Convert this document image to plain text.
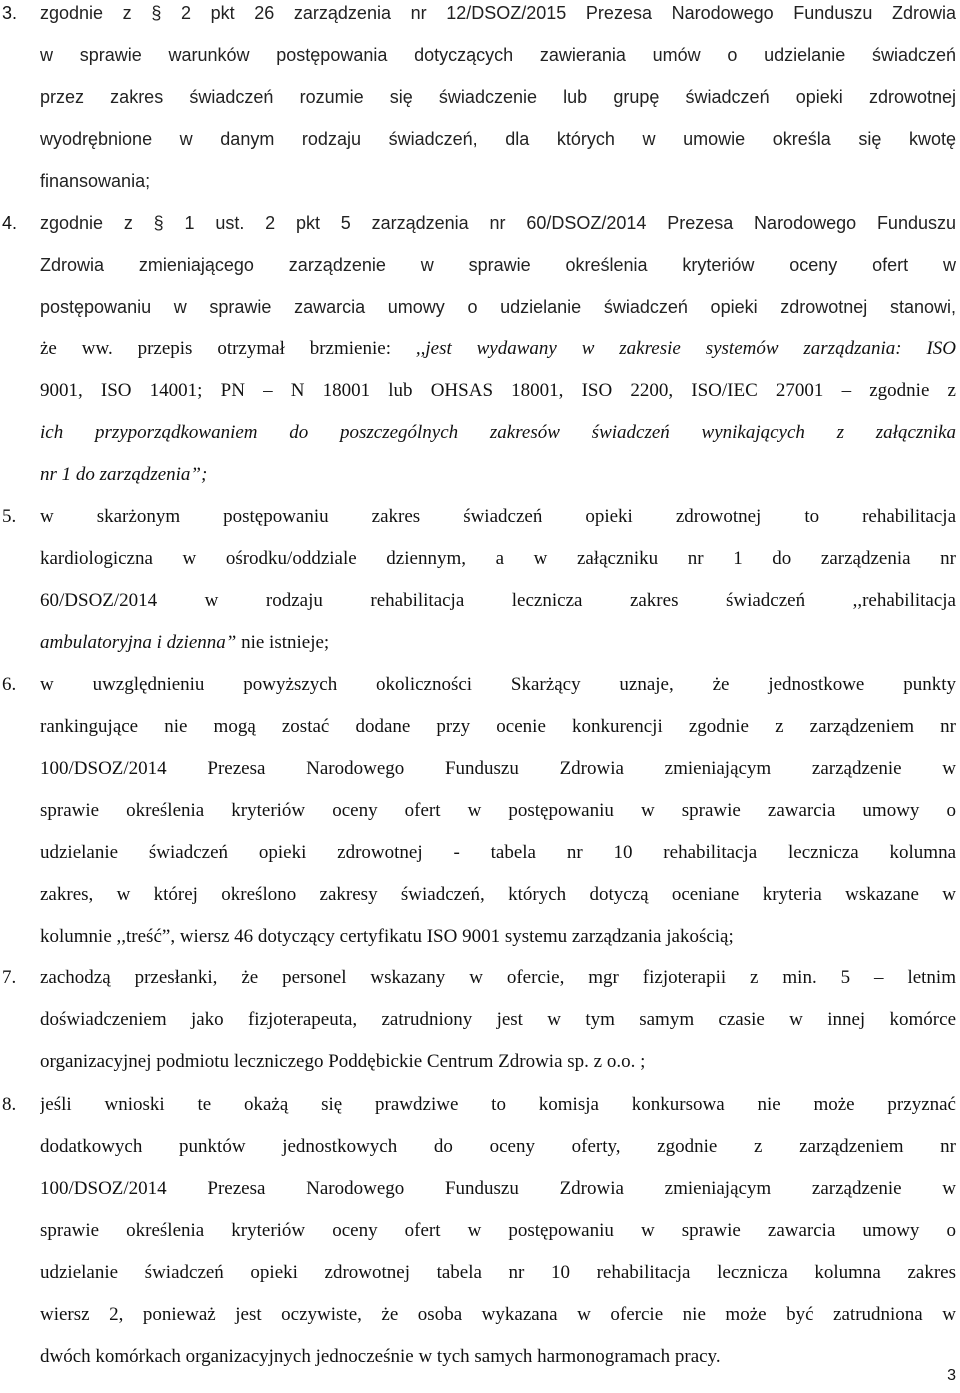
3. zgodnie z § 2 pkt 26 zarządzenia nr 12/DSOZ/2015 Prezesa Narodowego Funduszu Zdrowia
w sprawie warunków postępowania dotyczących zawierania umów o udzielanie świadczeń
przez zakres świadczeń rozumie się świadczenie lub grupę świadczeń opieki zdrowotnej
wyodrębnione w danym rodzaju świadczeń, dla których w umowie określa się kwotę
finansowania;
4. zgodnie z § 1 ust. 2 pkt 5 zarządzenia nr 60/DSOZ/2014 Prezesa Narodowego Funduszu
Zdrowia zmieniającego zarządzenie w sprawie określenia kryteriów oceny ofert w
postępowaniu w sprawie zawarcia umowy o udzielanie świadczeń opieki zdrowotnej stanowi,
że ww. przepis otrzymał brzmienie: ,,jest wydawany w zakresie systemów zarządzania: ISO
9001, ISO 14001; PN – N 18001 lub OHSAS 18001, ISO 2200, ISO/IEC 27001 – zgodnie z
ich przyporządkowaniem do poszczególnych zakresów świadczeń wynikających z załącznika
nr 1 do zarządzenia”;
5. w skarżonym postępowaniu zakres świadczeń opieki zdrowotnej to rehabilitacja
kardiologiczna w ośrodku/oddziale dziennym, a w załączniku nr 1 do zarządzenia nr
60/DSOZ/2014 w rodzaju rehabilitacja lecznicza zakres świadczeń ,,rehabilitacja
ambulatoryjna i dzienna” nie istnieje;
6. w uwzględnieniu powyższych okoliczności Skarżący uznaje, że jednostkowe punkty
rankingujące nie mogą zostać dodane przy ocenie konkurencji zgodnie z zarządzeniem nr
100/DSOZ/2014 Prezesa Narodowego Funduszu Zdrowia zmieniającym zarządzenie w
sprawie określenia kryteriów oceny ofert w postępowaniu w sprawie zawarcia umowy o
udzielanie świadczeń opieki zdrowotnej - tabela nr 10 rehabilitacja lecznicza kolumna
zakres, w której określono zakresy świadczeń, których dotyczą oceniane kryteria wskazane w
kolumnie ,,treść”, wiersz 46 dotyczący certyfikatu ISO 9001 systemu zarządzania jakością;
7. zachodzą przesłanki, że personel wskazany w ofercie, mgr fizjoterapii z min. 5 – letnim
doświadczeniem jako fizjoterapeuta, zatrudniony jest w tym samym czasie w innej komórce
organizacyjnej podmiotu leczniczego Poddębickie Centrum Zdrowia sp. z o.o. ;
8. jeśli wnioski te okażą się prawdziwe to komisja konkursowa nie może przyznać
dodatkowych punktów jednostkowych do oceny oferty, zgodnie z zarządzeniem nr
100/DSOZ/2014 Prezesa Narodowego Funduszu Zdrowia zmieniającym zarządzenie w
sprawie określenia kryteriów oceny ofert w postępowaniu w sprawie zawarcia umowy o
udzielanie świadczeń opieki zdrowotnej tabela nr 10 rehabilitacja lecznicza kolumna zakres
wiersz 2, ponieważ jest oczywiste, że osoba wykazana w ofercie nie może być zatrudniona w
dwóch komórkach organizacyjnych jednocześnie w tych samych harmonogramach pracy.
3
